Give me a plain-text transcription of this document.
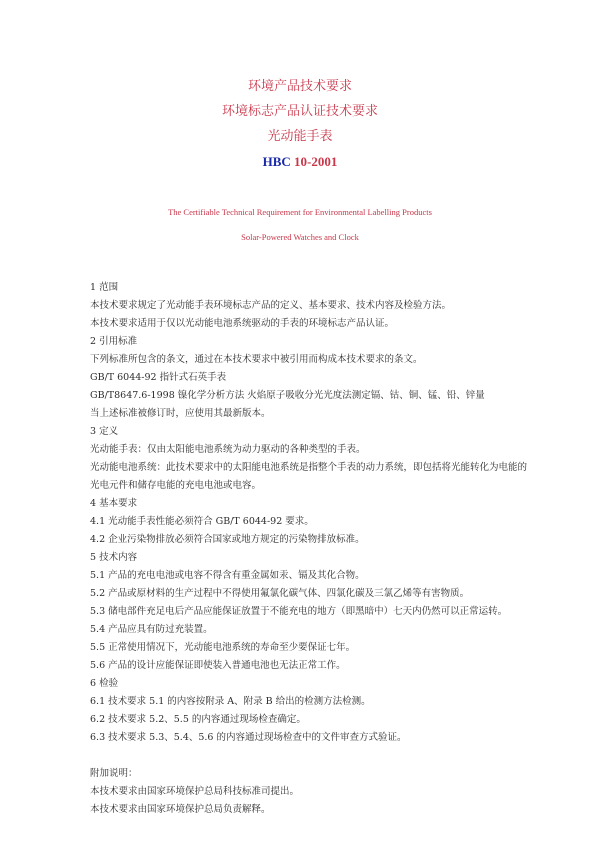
环境产品技术要求
环境标志产品认证技术要求
光动能手表
HBC 10-2001
The Certifiable Technical Requirement for Environmental Labelling Products
Solar-Powered Watches and Clock
1 范围
本技术要求规定了光动能手表环境标志产品的定义、基本要求、技术内容及检验方法。
本技术要求适用于仅以光动能电池系统驱动的手表的环境标志产品认证。
2 引用标准
下列标准所包含的条文，通过在本技术要求中被引用而构成本技术要求的条文。
GB/T 6044-92 指针式石英手表
GB/T8647.6-1998 镍化学分析方法 火焰原子吸收分光光度法测定镉、钴、铜、锰、铅、锌量
当上述标准被修订时，应使用其最新版本。
3 定义
光动能手表：仅由太阳能电池系统为动力驱动的各种类型的手表。
光动能电池系统：此技术要求中的太阳能电池系统是指整个手表的动力系统，即包括将光能转化为电能的
光电元件和储存电能的充电电池或电容。
4 基本要求
4.1 光动能手表性能必须符合 GB/T 6044-92 要求。
4.2 企业污染物排放必须符合国家或地方规定的污染物排放标准。
5 技术内容
5.1 产品的充电电池或电容不得含有重金属如汞、镉及其化合物。
5.2 产品或原材料的生产过程中不得使用氟氯化碳气体、四氯化碳及三氯乙烯等有害物质。
5.3 储电部件充足电后产品应能保证放置于不能充电的地方（即黑暗中）七天内仍然可以正常运转。
5.4 产品应具有防过充装置。
5.5 正常使用情况下，光动能电池系统的寿命至少要保证七年。
5.6 产品的设计应能保证即使装入普通电池也无法正常工作。
6 检验
6.1 技术要求 5.1 的内容按附录 A、附录 B 给出的检测方法检测。
6.2 技术要求 5.2、5.5 的内容通过现场检查确定。
6.3 技术要求 5.3、5.4、5.6 的内容通过现场检查中的文件审查方式验证。
附加说明：
本技术要求由国家环境保护总局科技标准司提出。
本技术要求由国家环境保护总局负责解释。
